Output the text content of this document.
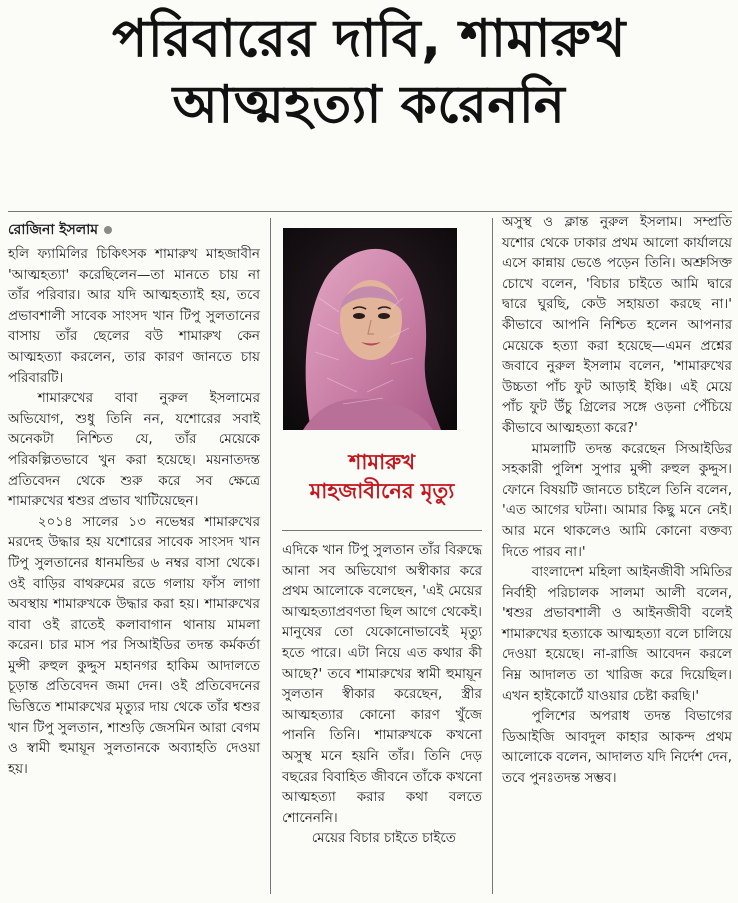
পরিবারের দাবি, শামারুখ
আত্মহত্যা করেননি
রোজিনা ইসলাম

হলি ফ্যামিলির চিকিৎসক শামারুখ মাহজাবীন 'আত্মহত্যা' করেছিলেন—তা মানতে চায় না তাঁর পরিবার। আর যদি আত্মহত্যাই হয়, তবে প্রভাবশালী সাবেক সাংসদ খান টিপু সুলতানের বাসায় তাঁর ছেলের বউ শামারুখ কেন আত্মহত্যা করলেন, তার কারণ জানতে চায় পরিবারটি।

শামারুখের বাবা নুরুল ইসলামের অভিযোগ, শুধু তিনি নন, যশোরের সবাই অনেকটা নিশ্চিত যে, তাঁর মেয়েকে পরিকল্পিতভাবে খুন করা হয়েছে। ময়নাতদন্ত প্রতিবেদন থেকে শুরু করে সব ক্ষেত্রে শামারুখের শ্বশুর প্রভাব খাটিয়েছেন।

২০১৪ সালের ১৩ নভেম্বর শামারুখের মরদেহ উদ্ধার হয় যশোরের সাবেক সাংসদ খান টিপু সুলতানের ধানমন্ডির ৬ নম্বর বাসা থেকে। ওই বাড়ির বাথরুমের রডে গলায় ফাঁস লাগা অবস্থায় শামারুখকে উদ্ধার করা হয়। শামারুখের বাবা ওই রাতেই কলাবাগান থানায় মামলা করেন। চার মাস পর সিআইডির তদন্ত কর্মকর্তা মুন্সী রুহুল কুদ্দুস মহানগর হাকিম আদালতে চূড়ান্ত প্রতিবেদন জমা দেন। ওই প্রতিবেদনের ভিত্তিতে শামারুখের মৃত্যুর দায় থেকে তাঁর শ্বশুর খান টিপু সুলতান, শাশুড়ি জেসমিন আরা বেগম ও স্বামী হুমায়ূন সুলতানকে অব্যাহতি দেওয়া হয়।

শামারুখ
মাহজাবীনের মৃত্যু

এদিকে খান টিপু সুলতান তাঁর বিরুদ্ধে আনা সব অভিযোগ অস্বীকার করে প্রথম আলোকে বলেছেন, 'এই মেয়ের আত্মহত্যাপ্রবণতা ছিল আগে থেকেই। মানুষের তো যেকোনোভাবেই মৃত্যু হতে পারে। এটা নিয়ে এত কথার কী আছে?' তবে শামারুখের স্বামী হুমায়ূন সুলতান স্বীকার করেছেন, স্ত্রীর আত্মহত্যার কোনো কারণ খুঁজে পাননি তিনি। শামারুখকে কখনো অসুস্থ মনে হয়নি তাঁর। তিনি দেড় বছরের বিবাহিত জীবনে তাঁকে কখনো আত্মহত্যা করার কথা বলতে শোনেননি।

মেয়ের বিচার চাইতে চাইতে

অসুস্থ ও ক্লান্ত নুরুল ইসলাম। সম্প্রতি যশোর থেকে ঢাকার প্রথম আলো কার্যালয়ে এসে কান্নায় ভেঙে পড়েন তিনি। অশ্রুসিক্ত চোখে বলেন, 'বিচার চাইতে আমি দ্বারে দ্বারে ঘুরছি, কেউ সহায়তা করছে না।' কীভাবে আপনি নিশ্চিত হলেন আপনার মেয়েকে হত্যা করা হয়েছে—এমন প্রশ্নের জবাবে নুরুল ইসলাম বলেন, 'শামারুখের উচ্চতা পাঁচ ফুট আড়াই ইঞ্চি। এই মেয়ে পাঁচ ফুট উঁচু গ্রিলের সঙ্গে ওড়না পেঁচিয়ে কীভাবে আত্মহত্যা করে?'

মামলাটি তদন্ত করেছেন সিআইডির সহকারী পুলিশ সুপার মুন্সী রুহুল কুদ্দুস। ফোনে বিষয়টি জানতে চাইলে তিনি বলেন, 'এত আগের ঘটনা। আমার কিছু মনে নেই। আর মনে থাকলেও আমি কোনো বক্তব্য দিতে পারব না।'

বাংলাদেশ মহিলা আইনজীবী সমিতির নির্বাহী পরিচালক সালমা আলী বলেন, 'শ্বশুর প্রভাবশালী ও আইনজীবী বলেই শামারুখের হত্যাকে আত্মহত্যা বলে চালিয়ে দেওয়া হয়েছে। না-রাজি আবেদন করলে নিম্ন আদালত তা খারিজ করে দিয়েছিল। এখন হাইকোর্টে যাওয়ার চেষ্টা করছি।'

পুলিশের অপরাধ তদন্ত বিভাগের ডিআইজি আবদুল কাহার আকন্দ প্রথম আলোকে বলেন, আদালত যদি নির্দেশ দেন, তবে পুনঃতদন্ত সম্ভব।
